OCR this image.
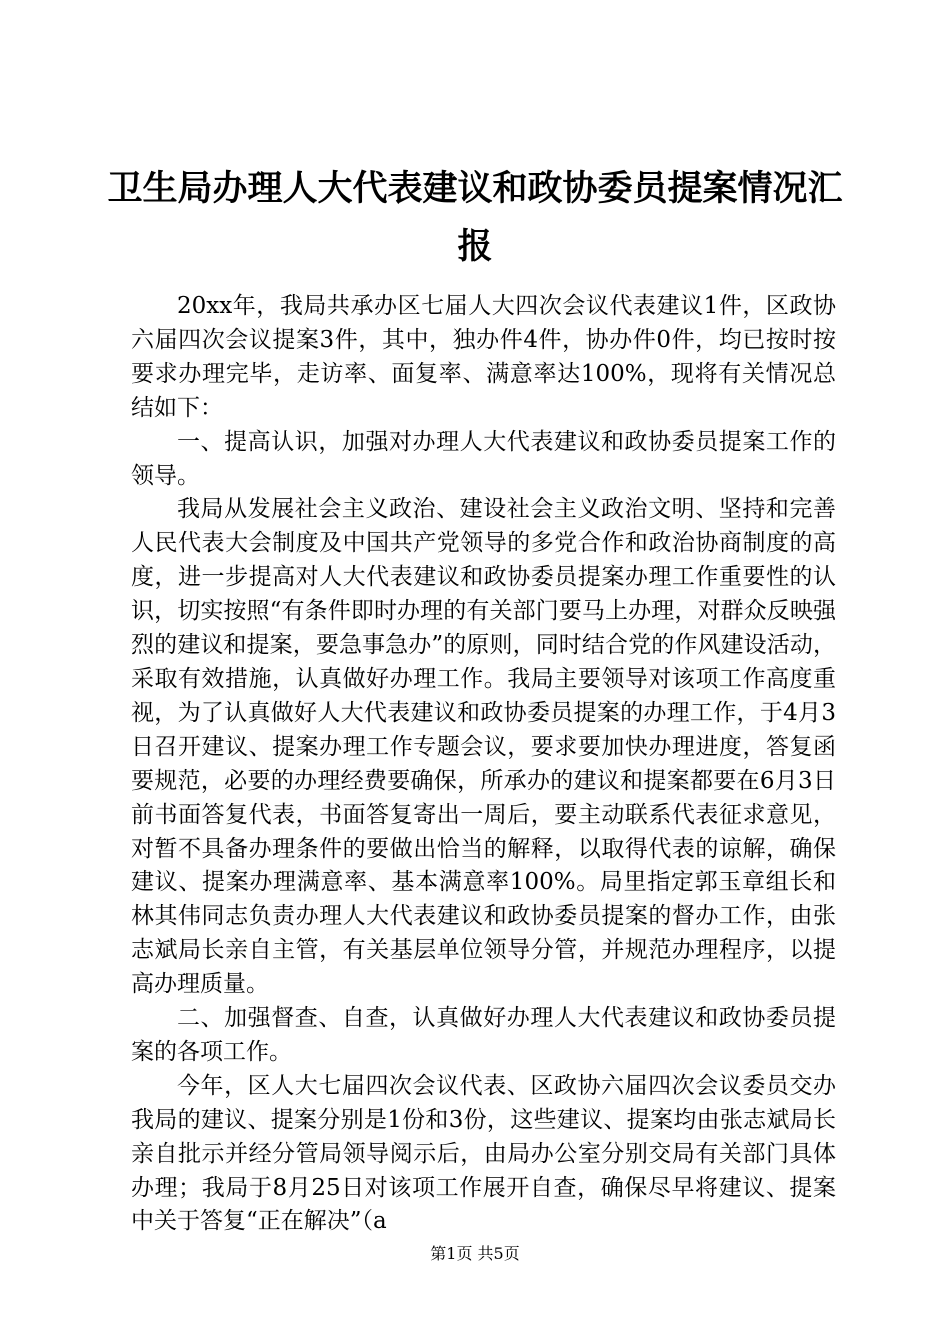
卫生局办理人大代表建议和政协委员提案情况汇报

20xx年，我局共承办区七届人大四次会议代表建议1件，区政协六届四次会议提案3件，其中，独办件4件，协办件0件，均已按时按要求办理完毕，走访率、面复率、满意率达100%，现将有关情况总结如下：

一、提高认识，加强对办理人大代表建议和政协委员提案工作的领导。

我局从发展社会主义政治、建设社会主义政治文明、坚持和完善人民代表大会制度及中国共产党领导的多党合作和政治协商制度的高度，进一步提高对人大代表建议和政协委员提案办理工作重要性的认识，切实按照“有条件即时办理的有关部门要马上办理，对群众反映强烈的建议和提案，要急事急办”的原则，同时结合党的作风建设活动，采取有效措施，认真做好办理工作。我局主要领导对该项工作高度重视，为了认真做好人大代表建议和政协委员提案的办理工作，于4月3日召开建议、提案办理工作专题会议，要求要加快办理进度，答复函要规范，必要的办理经费要确保，所承办的建议和提案都要在6月3日前书面答复代表，书面答复寄出一周后，要主动联系代表征求意见，对暂不具备办理条件的要做出恰当的解释，以取得代表的谅解，确保建议、提案办理满意率、基本满意率100%。局里指定郭玉章组长和林其伟同志负责办理人大代表建议和政协委员提案的督办工作，由张志斌局长亲自主管，有关基层单位领导分管，并规范办理程序，以提高办理质量。

二、加强督查、自查，认真做好办理人大代表建议和政协委员提案的各项工作。

今年，区人大七届四次会议代表、区政协六届四次会议委员交办我局的建议、提案分别是1份和3份，这些建议、提案均由张志斌局长亲自批示并经分管局领导阅示后，由局办公室分别交局有关部门具体办理；我局于8月25日对该项工作展开自查，确保尽早将建议、提案中关于答复“正在解决”（a

第1页 共5页
